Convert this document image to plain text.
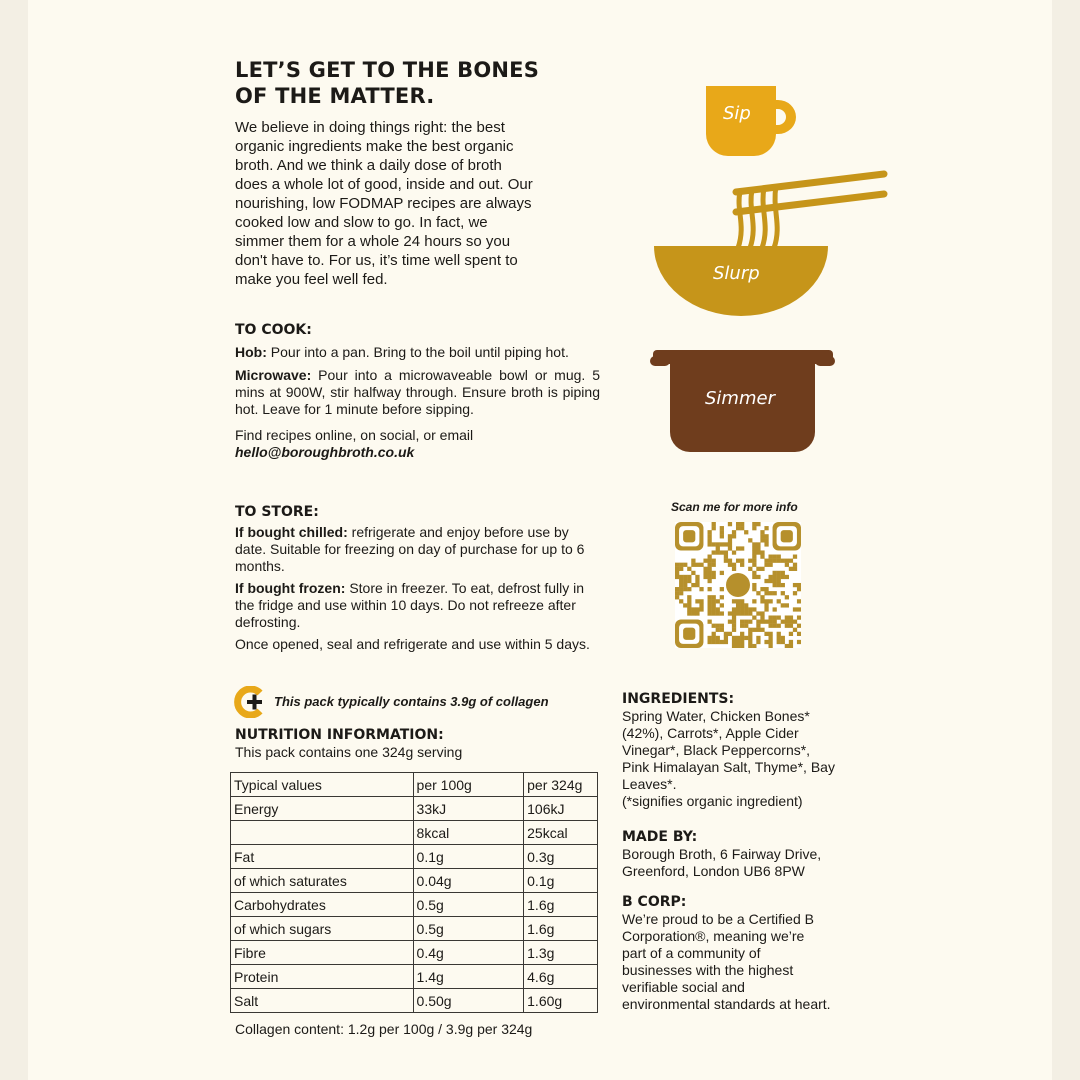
LET’S GET TO THE BONES
OF THE MATTER.
We believe in doing things right: the best
organic ingredients make the best organic
broth. And we think a daily dose of broth
does a whole lot of good, inside and out. Our
nourishing, low FODMAP recipes are always
cooked low and slow to go. In fact, we
simmer them for a whole 24 hours so you
don't have to. For us, it’s time well spent to
make you feel well fed.
TO COOK:

Hob: Pour into a pan. Bring to the boil until piping hot.

Microwave: Pour into a microwaveable bowl or mug. 5 mins at 900W, stir halfway through. Ensure broth is piping hot. Leave for 1 minute before sipping.

Find recipes online, on social, or email

hello@boroughbroth.co.uk

TO STORE:

If bought chilled: refrigerate and enjoy before use by date. Suitable for freezing on day of purchase for up to 6 months.

If bought frozen: Store in freezer. To eat, defrost fully in the fridge and use within 10 days. Do not refreeze after defrosting.

Once opened, seal and refrigerate and use within 5 days.

This pack typically contains 3.9g of collagen
NUTRITION INFORMATION:
This pack contains one 324g serving
Typical values	per 100g	per 324g
Energy	33kJ	106kJ
	8kcal	25kcal
Fat	0.1g	0.3g
of which saturates	0.04g	0.1g
Carbohydrates	0.5g	1.6g
of which sugars	0.5g	1.6g
Fibre	0.4g	1.3g
Protein	1.4g	4.6g
Salt	0.50g	1.60g
Collagen content: 1.2g per 100g / 3.9g per 324g
Sip
Slurp
Simmer
Scan me for more info
INGREDIENTS:
Spring Water, Chicken Bones*
(42%), Carrots*, Apple Cider
Vinegar*, Black Peppercorns*,
Pink Himalayan Salt, Thyme*, Bay
Leaves*.
(*signifies organic ingredient)
MADE BY:
Borough Broth, 6 Fairway Drive,
Greenford, London UB6 8PW
B CORP:
We’re proud to be a Certified B
Corporation®, meaning we’re
part of a community of
businesses with the highest
verifiable social and
environmental standards at heart.
